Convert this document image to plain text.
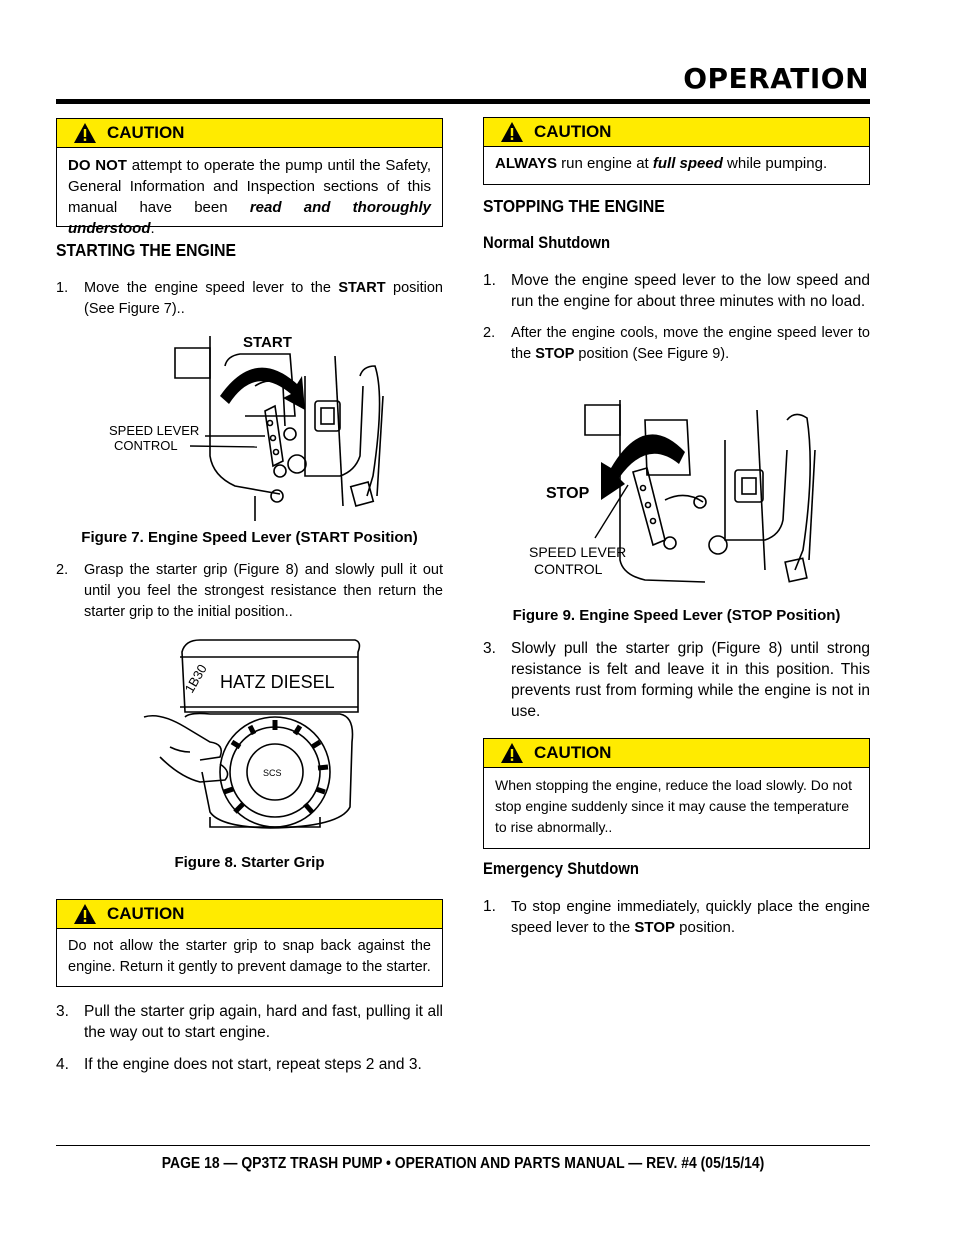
OPERATION
CAUTION
DO NOT attempt to operate the pump until the Safety, General Information and Inspection sections of this manual have been read and thoroughly understood.
STARTING THE ENGINE
1. Move the engine speed lever to the START position (See Figure 7)..
START
SPEED LEVER
CONTROL
Figure 7. Engine Speed Lever (START Position)
2. Grasp the starter grip (Figure 8) and slowly pull it out until you feel the strongest resistance then return the starter grip to the initial position..
HATZ DIESEL
1B30
SCS
Figure 8. Starter Grip
CAUTION
Do not allow the starter grip to snap back against the engine. Return it gently to prevent damage to the starter.
3. Pull the starter grip again, hard and fast, pulling it all the way out to start engine.
4. If the engine does not start, repeat steps 2 and 3.
CAUTION
ALWAYS run engine at full speed while pumping.
STOPPING THE ENGINE
Normal Shutdown
1. Move the engine speed lever to the low speed and run the engine for about three minutes with no load.
2. After the engine cools, move the engine speed lever to the STOP position (See Figure 9).
STOP
SPEED LEVER
CONTROL
Figure 9. Engine Speed Lever (STOP Position)
3. Slowly pull the starter grip (Figure 8) until strong resistance is felt and leave it in this position. This prevents rust from forming while the engine is not in use.
CAUTION
When stopping the engine, reduce the load slowly. Do not stop engine suddenly since it may cause the temperature to rise abnormally..
Emergency Shutdown
1. To stop engine immediately, quickly place the engine speed lever to the STOP position.
PAGE 18 — QP3TZ TRASH PUMP • OPERATION AND PARTS MANUAL — REV. #4 (05/15/14)
